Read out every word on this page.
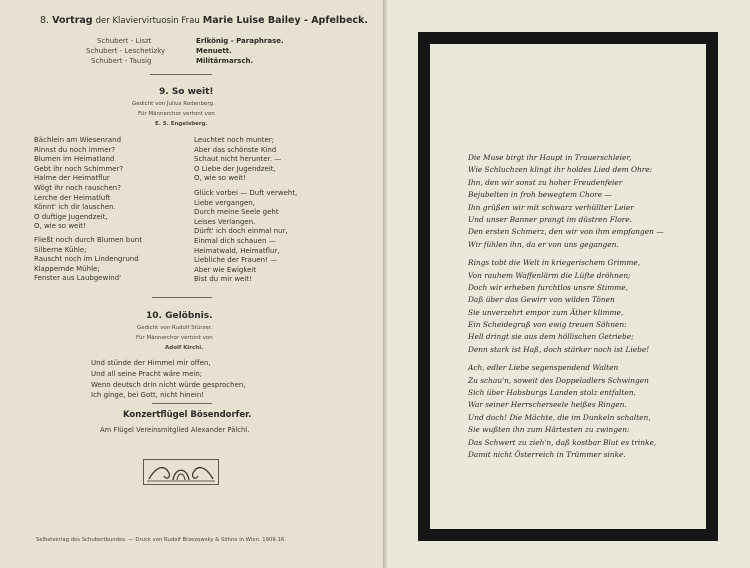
8. Vortrag der Klaviervirtuosin Frau Marie Luise Bailey - Apfelbeck.
Schubert - Liszt	Erlkönig - Paraphrase.
Schubert - Leschetizky	Menuett.
Schubert - Tausig	Militärmarsch.
9. So weit!
Gedicht von Julius Rodenberg.
Für Männerchor vertont von
E. S. Engelsberg.
Bächlein am Wiesenrand
Rinnst du noch immer?
Blumen im Heimatland
Gebt ihr noch Schimmer?
Halme der Heimatflur
Wögt ihr noch rauschen?
Lerche der Heimatluft
Könnt' ich dir lauschen.
O duftige Jugendzeit,
O, wie so weit!
Fließt noch durch Blumen bunt
Silberne Kühle;
Rauscht noch im Lindengrund
Klappernde Mühle;
Fenster aus Laubgewind'
Leuchtet noch munter;
Aber das schönste Kind
Schaut nicht herunter. —
O Liebe der Jugendzeit,
O, wie so weit!
Glück vorbei — Duft verweht,
Liebe vergangen,
Durch meine Seele geht
Leises Verlangen.
Dürft' ich doch einmal nur,
Einmal dich schauen —
Heimatwald, Heimatflur,
Liebliche der Frauen! —
Aber wie Ewigkeit
Bist du mir weit!
10. Gelöbnis.
Gedicht von Rudolf Stürzer.
Für Männerchor vertont von
Adolf Kirchl.
Und stünde der Himmel mir offen,
Und all seine Pracht wäre mein;
Wenn deutsch drin nicht würde gesprochen,
Ich ginge, bei Gott, nicht hinein!
Konzertflügel Bösendorfer.
Am Flügel Vereinsmitglied Alexander Pälchl.
Selbstverlag des Schubertbundes. — Druck von Rudolf Brzezowsky & Söhne in Wien. 1909.16.
Die Muse birgt ihr Haupt in Trauerschleier,
Wie Schluchzen klingt ihr holdes Lied dem Ohre:
Ihn, den wir sonst zu hoher Freudenfeier
Bejubelten in froh bewegtem Chore —
Ihn grüßen wir mit schwarz verhüllter Leier
Und unser Banner prangt im düstren Flore.
Den ersten Schmerz, den wir von ihm empfangen —
Wir fühlen ihn, da er von uns gegangen.
Rings tobt die Welt in kriegerischem Grimme,
Von rauhem Waffenlärm die Lüfte dröhnen;
Doch wir erheben furchtlos unsre Stimme,
Daß über das Gewirr von wilden Tönen
Sie unverzehrt empor zum Äther klimme,
Ein Scheidegruß von ewig treuen Söhnen:
Hell dringt sie aus dem höllischen Getriebe;
Denn stark ist Haß, doch stärker noch ist Liebe!
Ach, edler Liebe segenspendend Walten
Zu schau'n, soweit des Doppeladlers Schwingen
Sich über Habsburgs Landen stolz entfalten,
War seiner Herrscherseele heißes Ringen.
Und doch! Die Mächte, die im Dunkeln schalten,
Sie wußten ihn zum Härtesten zu zwingen:
Das Schwert zu zieh'n, daß kostbar Blut es trinke,
Damit nicht Österreich in Trümmer sinke.
